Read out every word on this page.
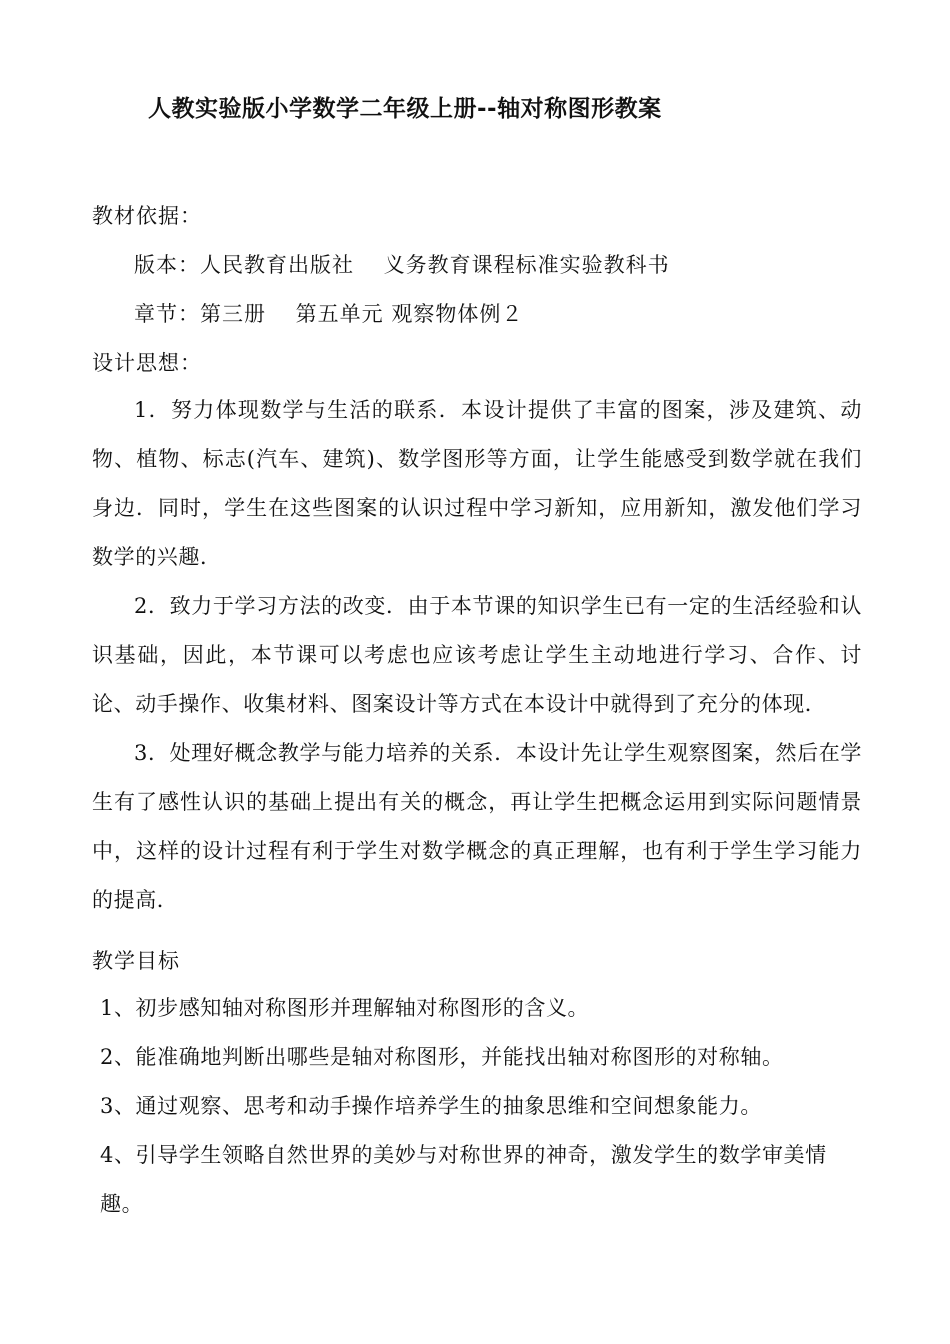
人教实验版小学数学二年级上册--轴对称图形教案
教材依据：
版本：人民教育出版社　 义务教育课程标准实验教科书
章节：第三册　 第五单元 观察物体例２
设计思想：
1．努力体现数学与生活的联系．本设计提供了丰富的图案，涉及建筑、动物、植物、标志(汽车、建筑)、数学图形等方面，让学生能感受到数学就在我们身边．同时，学生在这些图案的认识过程中学习新知，应用新知，激发他们学习数学的兴趣．
2．致力于学习方法的改变．由于本节课的知识学生已有一定的生活经验和认识基础，因此，本节课可以考虑也应该考虑让学生主动地进行学习、合作、讨论、动手操作、收集材料、图案设计等方式在本设计中就得到了充分的体现．
3．处理好概念教学与能力培养的关系．本设计先让学生观察图案，然后在学生有了感性认识的基础上提出有关的概念，再让学生把概念运用到实际问题情景中，这样的设计过程有利于学生对数学概念的真正理解，也有利于学生学习能力的提高．
教学目标
1、初步感知轴对称图形并理解轴对称图形的含义。
2、能准确地判断出哪些是轴对称图形，并能找出轴对称图形的对称轴。
3、通过观察、思考和动手操作培养学生的抽象思维和空间想象能力。
4、引导学生领略自然世界的美妙与对称世界的神奇，激发学生的数学审美情趣。
